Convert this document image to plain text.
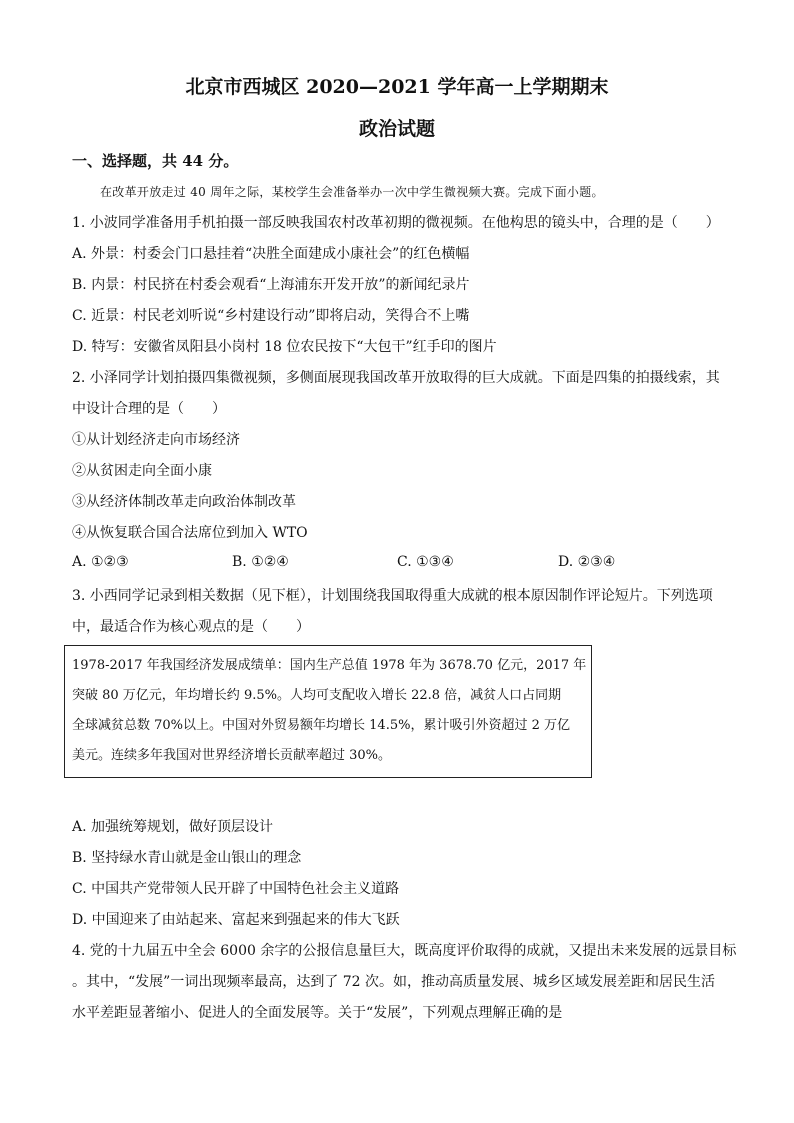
北京市西城区 2020—2021 学年高一上学期期末
政治试题
一、选择题，共 44 分。
在改革开放走过 40 周年之际，某校学生会准备举办一次中学生微视频大赛。完成下面小题。
1. 小波同学准备用手机拍摄一部反映我国农村改革初期的微视频。在他构思的镜头中，合理的是（　　）
A. 外景：村委会门口悬挂着“决胜全面建成小康社会”的红色横幅
B. 内景：村民挤在村委会观看“上海浦东开发开放”的新闻纪录片
C. 近景：村民老刘听说“乡村建设行动”即将启动，笑得合不上嘴
D. 特写：安徽省凤阳县小岗村 18 位农民按下“大包干”红手印的图片
2. 小泽同学计划拍摄四集微视频，多侧面展现我国改革开放取得的巨大成就。下面是四集的拍摄线索，其
中设计合理的是（　　）
①从计划经济走向市场经济
②从贫困走向全面小康
③从经济体制改革走向政治体制改革
④从恢复联合国合法席位到加入 WTO
A. ①②③	B. ①②④	C. ①③④	D. ②③④
3. 小西同学记录到相关数据（见下框），计划围绕我国取得重大成就的根本原因制作评论短片。下列选项
中，最适合作为核心观点的是（　　）
1978-2017 年我国经济发展成绩单：国内生产总值 1978 年为 3678.70 亿元，2017 年
突破 80 万亿元，年均增长约 9.5%。人均可支配收入增长 22.8 倍，减贫人口占同期
全球减贫总数 70%以上。中国对外贸易额年均增长 14.5%，累计吸引外资超过 2 万亿
美元。连续多年我国对世界经济增长贡献率超过 30%。
A. 加强统筹规划，做好顶层设计
B. 坚持绿水青山就是金山银山的理念
C. 中国共产党带领人民开辟了中国特色社会主义道路
D. 中国迎来了由站起来、富起来到强起来的伟大飞跃
4. 党的十九届五中全会 6000 余字的公报信息量巨大，既高度评价取得的成就，又提出未来发展的远景目标
。其中，“发展”一词出现频率最高，达到了 72 次。如，推动高质量发展、城乡区域发展差距和居民生活
水平差距显著缩小、促进人的全面发展等。关于“发展”，下列观点理解正确的是
